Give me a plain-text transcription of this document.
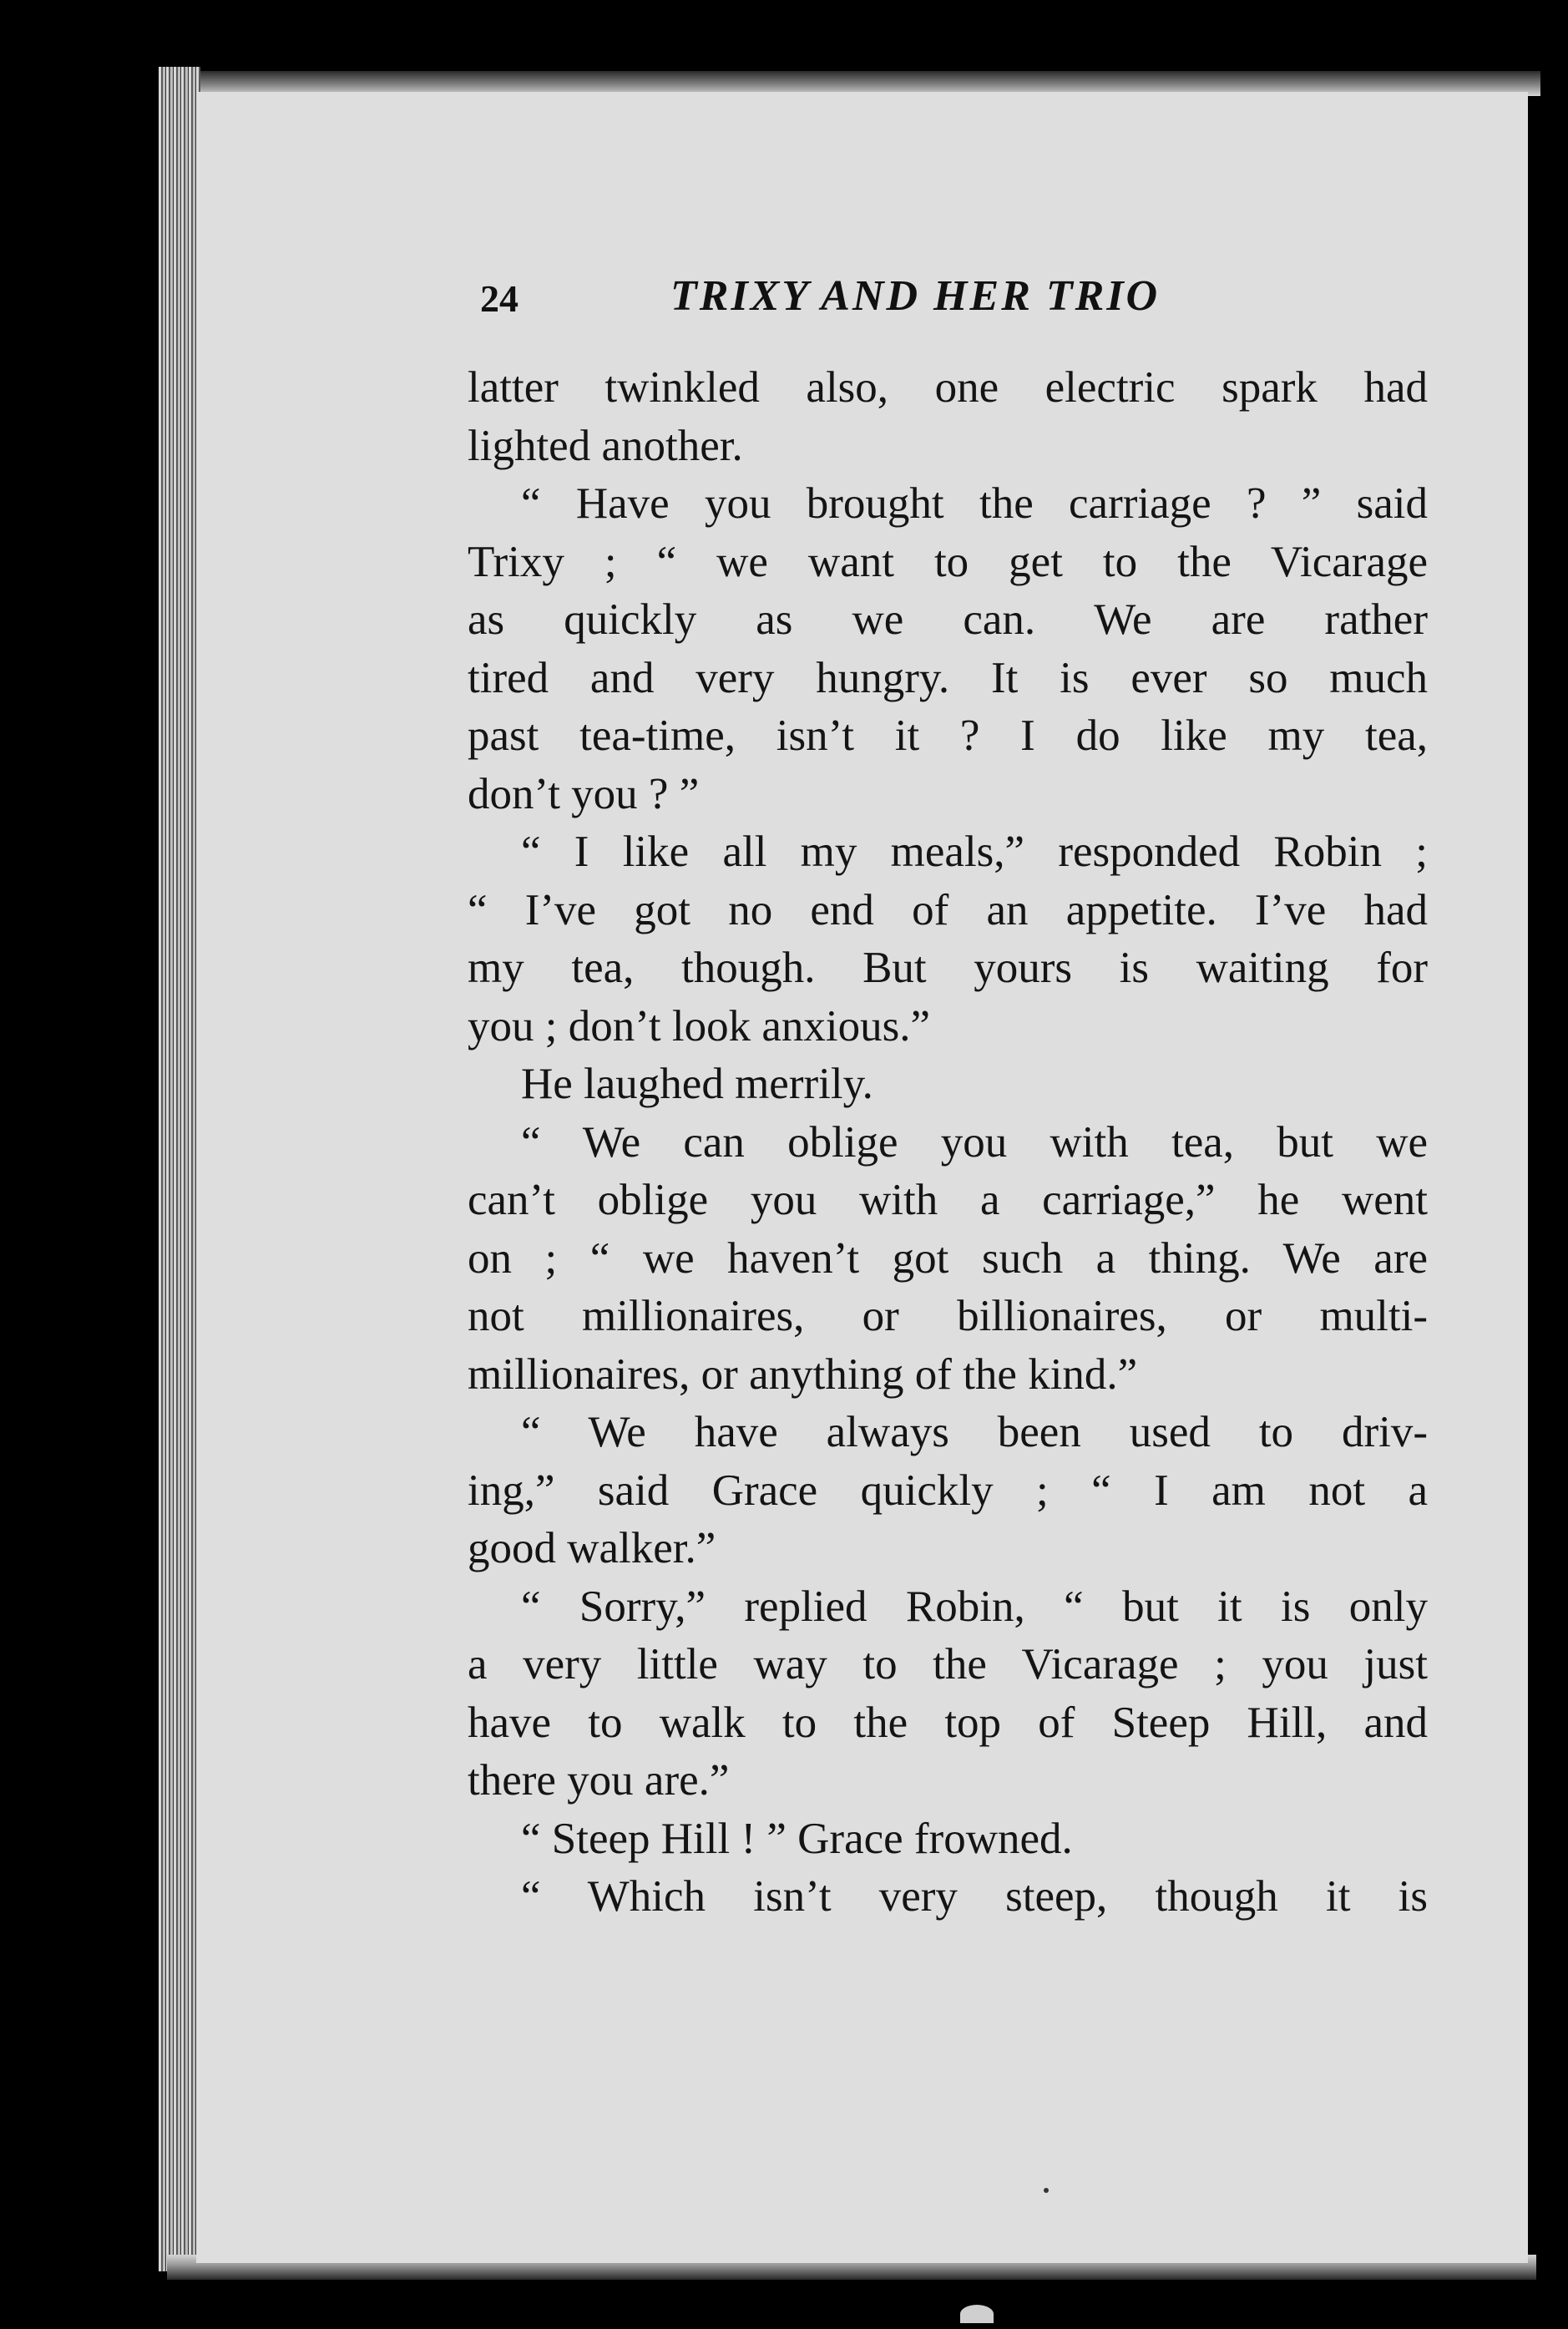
24	TRIXY AND HER TRIO
latter twinkled also, one electric spark had
lighted another.
“ Have you brought the carriage ? ” said
Trixy ; “ we want to get to the Vicarage
as quickly as we can. We are rather
tired and very hungry. It is ever so much
past tea-time, isn’t it ? I do like my tea,
don’t you ? ”
“ I like all my meals,” responded Robin ;
“ I’ve got no end of an appetite. I’ve had
my tea, though. But yours is waiting for
you ; don’t look anxious.”
He laughed merrily.
“ We can oblige you with tea, but we
can’t oblige you with a carriage,” he went
on ; “ we haven’t got such a thing. We are
not millionaires, or billionaires, or multi-
millionaires, or anything of the kind.”
“ We have always been used to driv-
ing,” said Grace quickly ; “ I am not a
good walker.”
“ Sorry,” replied Robin, “ but it is only
a very little way to the Vicarage ; you just
have to walk to the top of Steep Hill, and
there you are.”
“ Steep Hill ! ” Grace frowned.
“ Which isn’t very steep, though it is
